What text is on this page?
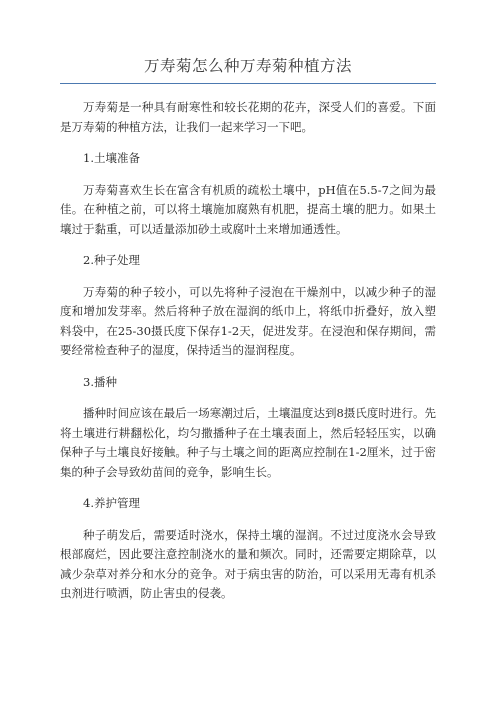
万寿菊怎么种万寿菊种植方法

万寿菊是一种具有耐寒性和较长花期的花卉，深受人们的喜爱。下面是万寿菊的种植方法，让我们一起来学习一下吧。

1.土壤准备

万寿菊喜欢生长在富含有机质的疏松土壤中，pH值在5.5-7之间为最佳。在种植之前，可以将土壤施加腐熟有机肥，提高土壤的肥力。如果土壤过于黏重，可以适量添加砂土或腐叶土来增加通透性。

2.种子处理

万寿菊的种子较小，可以先将种子浸泡在干燥剂中，以减少种子的湿度和增加发芽率。然后将种子放在湿润的纸巾上，将纸巾折叠好，放入塑料袋中，在25-30摄氏度下保存1-2天，促进发芽。在浸泡和保存期间，需要经常检查种子的湿度，保持适当的湿润程度。

3.播种

播种时间应该在最后一场寒潮过后，土壤温度达到8摄氏度时进行。先将土壤进行耕翻松化，均匀撒播种子在土壤表面上，然后轻轻压实，以确保种子与土壤良好接触。种子与土壤之间的距离应控制在1-2厘米，过于密集的种子会导致幼苗间的竞争，影响生长。

4.养护管理

种子萌发后，需要适时浇水，保持土壤的湿润。不过过度浇水会导致根部腐烂，因此要注意控制浇水的量和频次。同时，还需要定期除草，以减少杂草对养分和水分的竞争。对于病虫害的防治，可以采用无毒有机杀虫剂进行喷洒，防止害虫的侵袭。
